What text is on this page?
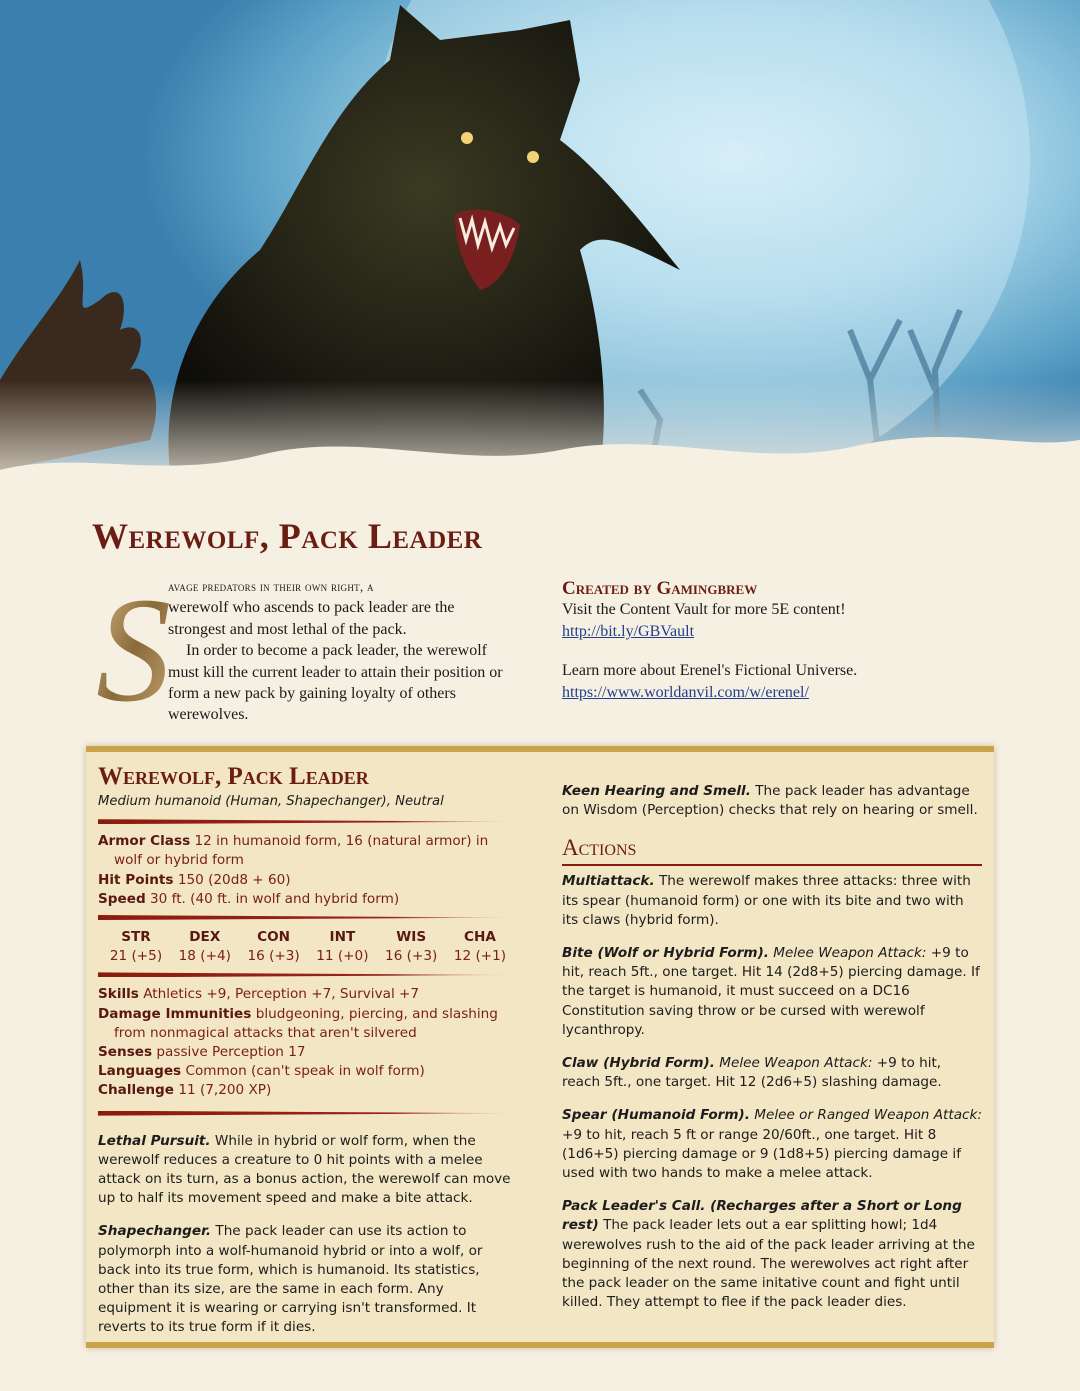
Werewolf, Pack Leader
S

avage predators in their own right, a

werewolf who ascends to pack leader are the
strongest and most lethal of the pack.

In order to become a pack leader, the werewolf must kill the current leader to attain their position or form a new pack by gaining loyalty of others werewolves.

Created by Gamingbrew

Visit the Content Vault for more 5E content!

http://bit.ly/GBVault

Learn more about Erenel's Fictional Universe.

https://www.worldanvil.com/w/erenel/

Werewolf, Pack Leader

Medium humanoid (Human, Shapechanger), Neutral

Armor Class 12 in humanoid form, 16 (natural armor) in wolf or hybrid form

Hit Points 150 (20d8 + 60)

Speed 30 ft. (40 ft. in wolf and hybrid form)

STR
21 (+5)
DEX
18 (+4)
CON
16 (+3)
INT
11 (+0)
WIS
16 (+3)
CHA
12 (+1)

Skills Athletics +9, Perception +7, Survival +7

Damage Immunities bludgeoning, piercing, and slashing from nonmagical attacks that aren't silvered

Senses passive Perception 17

Languages Common (can't speak in wolf form)

Challenge 11 (7,200 XP)

Lethal Pursuit. While in hybrid or wolf form, when the werewolf reduces a creature to 0 hit points with a melee attack on its turn, as a bonus action, the werewolf can move up to half its movement speed and make a bite attack.

Shapechanger. The pack leader can use its action to polymorph into a wolf-humanoid hybrid or into a wolf, or back into its true form, which is humanoid. Its statistics, other than its size, are the same in each form. Any equipment it is wearing or carrying isn't transformed. It reverts to its true form if it dies.

Keen Hearing and Smell. The pack leader has advantage on Wisdom (Perception) checks that rely on hearing or smell.

Actions

Multiattack. The werewolf makes three attacks: three with its spear (humanoid form) or one with its bite and two with its claws (hybrid form).

Bite (Wolf or Hybrid Form). Melee Weapon Attack: +9 to hit, reach 5ft., one target. Hit 14 (2d8+5) piercing damage. If the target is humanoid, it must succeed on a DC16 Constitution saving throw or be cursed with werewolf lycanthropy.

Claw (Hybrid Form). Melee Weapon Attack: +9 to hit, reach 5ft., one target. Hit 12 (2d6+5) slashing damage.

Spear (Humanoid Form). Melee or Ranged Weapon Attack: +9 to hit, reach 5 ft or range 20/60ft., one target. Hit 8 (1d6+5) piercing damage or 9 (1d8+5) piercing damage if used with two hands to make a melee attack.

Pack Leader's Call. (Recharges after a Short or Long rest) The pack leader lets out a ear splitting howl; 1d4 werewolves rush to the aid of the pack leader arriving at the beginning of the next round. The werewolves act right after the pack leader on the same initative count and fight until killed. They attempt to flee if the pack leader dies.
